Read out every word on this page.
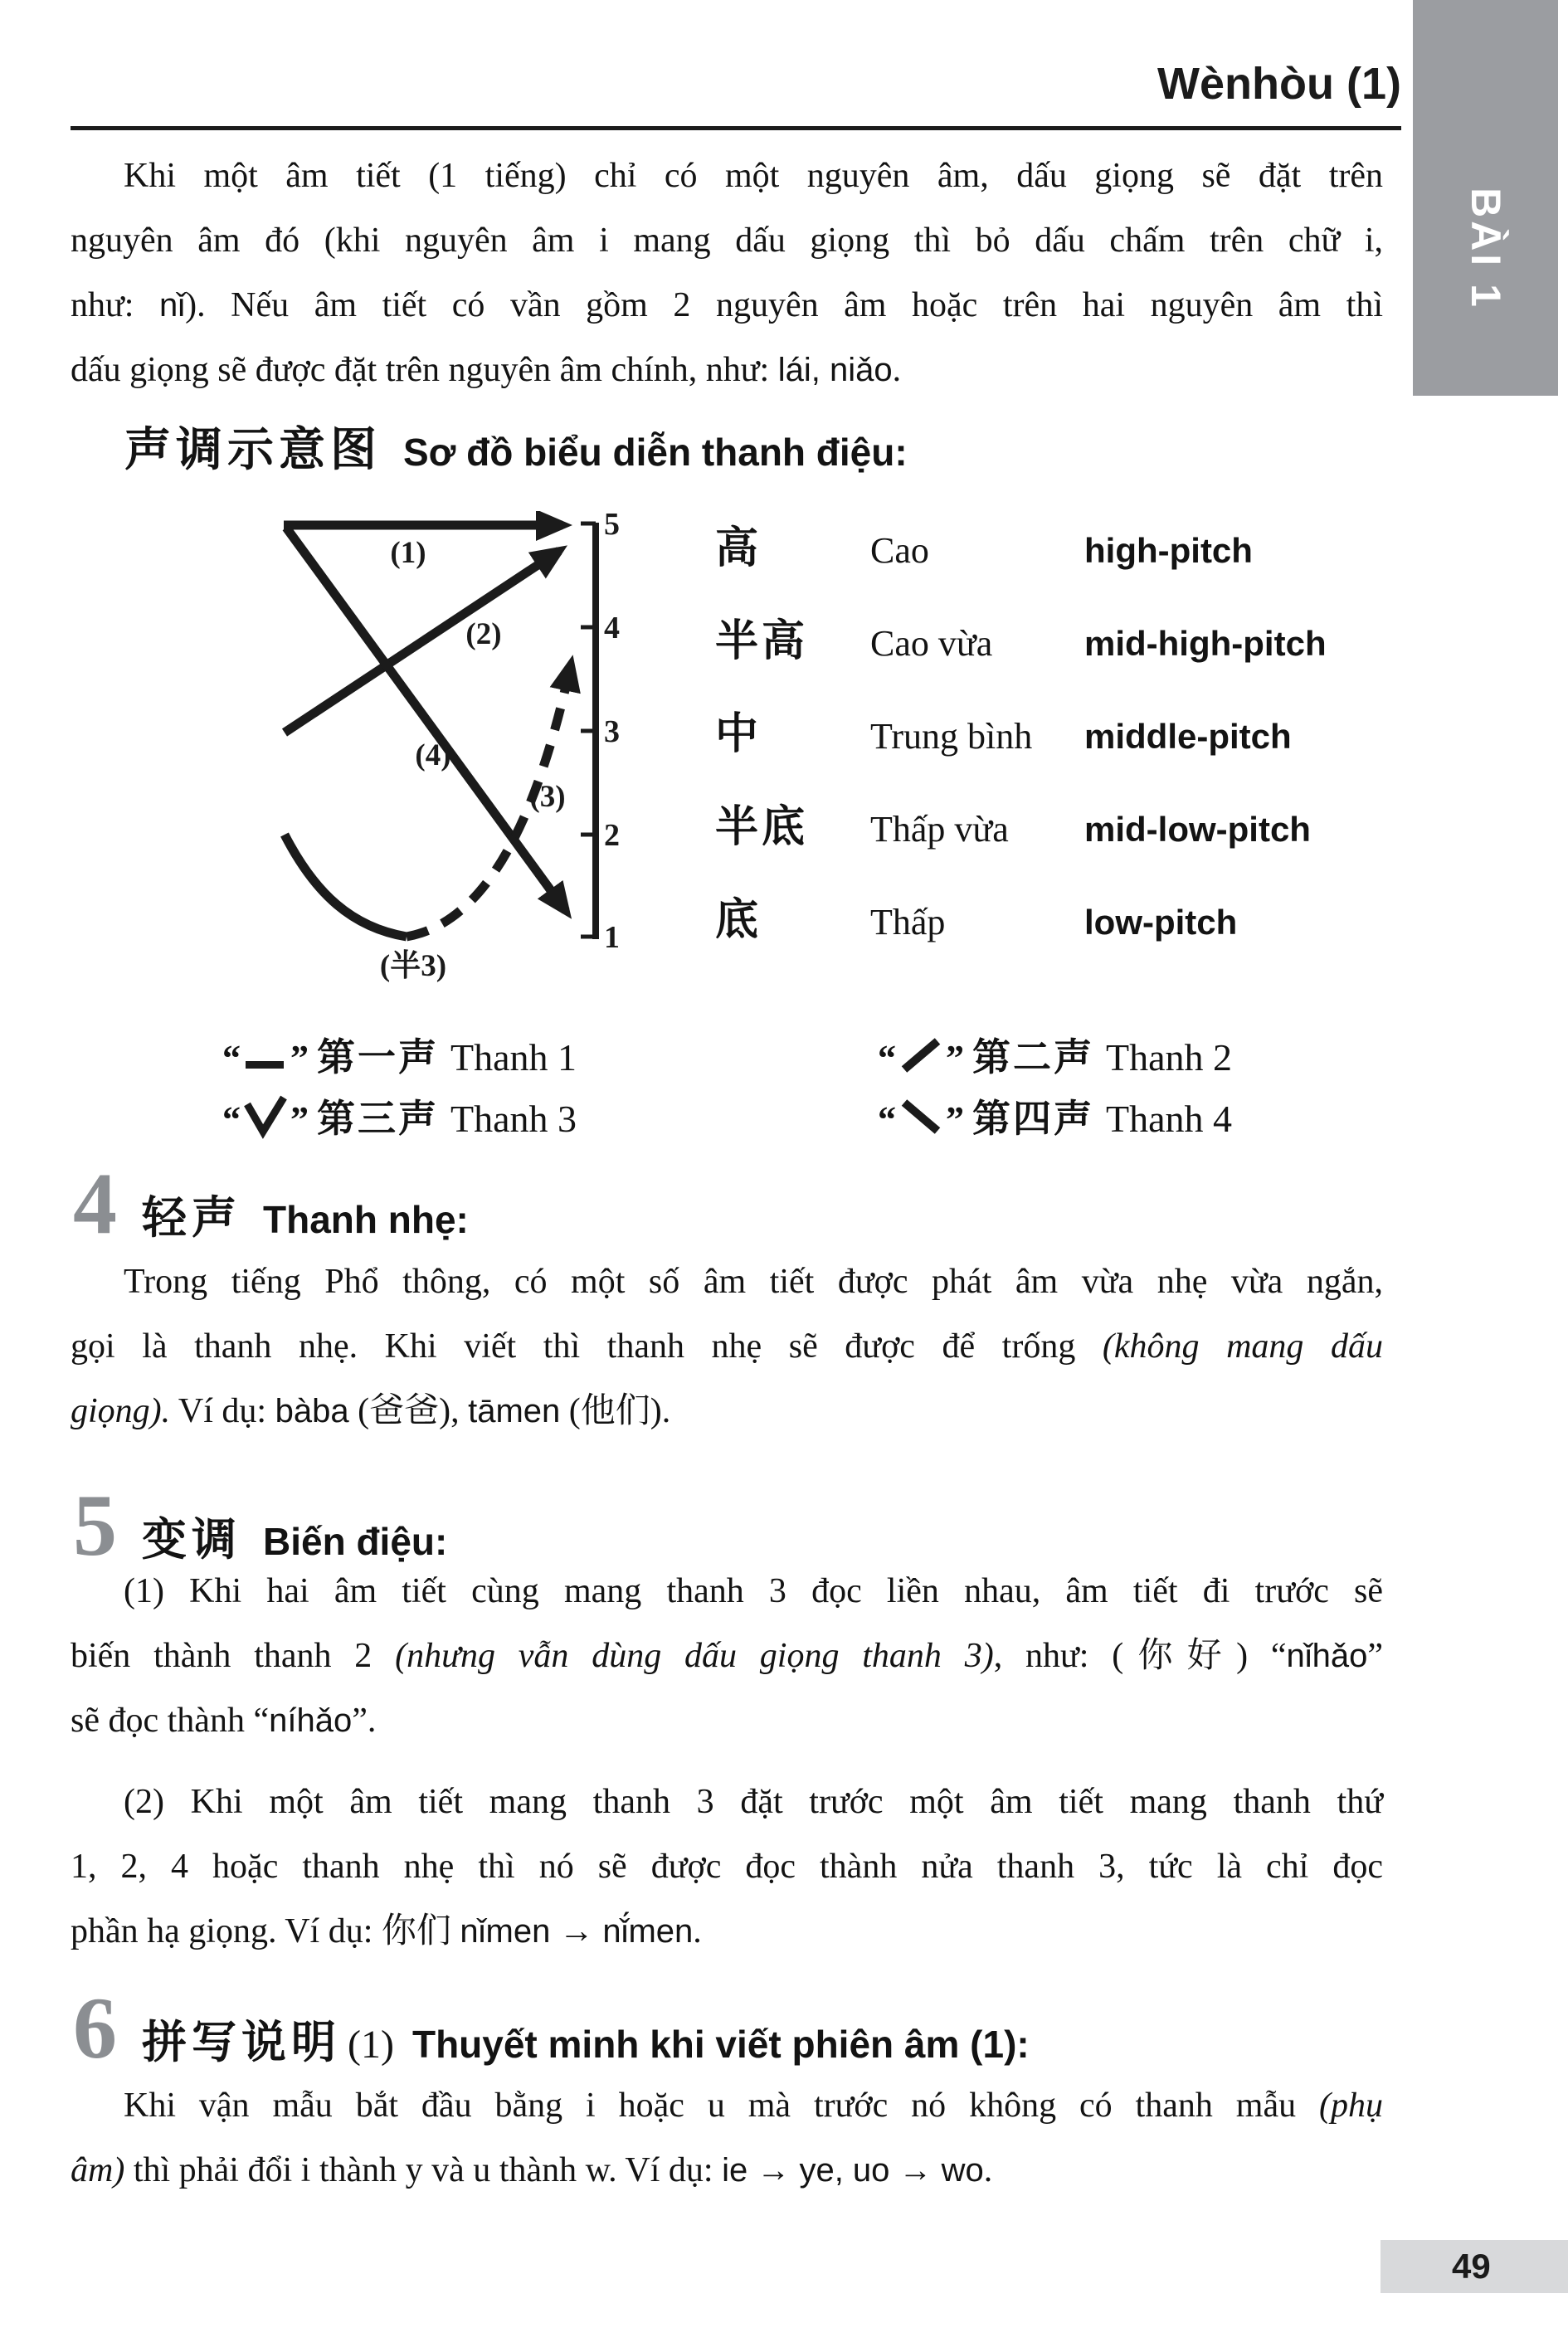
Wènhòu (1)
BÀI 1
Khi một âm tiết (1 tiếng) chỉ có một nguyên âm, dấu giọng sẽ đặt trên
nguyên âm đó (khi nguyên âm i mang dấu giọng thì bỏ dấu chấm trên chữ i,
như: nǐ). Nếu âm tiết có vần gồm 2 nguyên âm hoặc trên hai nguyên âm thì
dấu giọng sẽ được đặt trên nguyên âm chính, như: lái, niǎo.
声调示意图 Sơ đồ biểu diễn thanh điệu:
5
4
3
2
1
(1)
(2)
(4)
(3)
(半3)
高	Cao	high-pitch
半高	Cao vừa	mid-high-pitch
中	Trung bình	middle-pitch
半底	Thấp vừa	mid-low-pitch
底	Thấp	low-pitch
“ ” 第一声 Thanh 1	“ ” 第二声 Thanh 2
“ ” 第三声 Thanh 3	“ ” 第四声 Thanh 4
4 轻声 Thanh nhẹ:
Trong tiếng Phổ thông, có một số âm tiết được phát âm vừa nhẹ vừa ngắn,
gọi là thanh nhẹ. Khi viết thì thanh nhẹ sẽ được để trống (không mang dấu
giọng). Ví dụ: bàba (爸爸), tāmen (他们).
5 变调 Biến điệu:
(1) Khi hai âm tiết cùng mang thanh 3 đọc liền nhau, âm tiết đi trước sẽ
biến thành thanh 2 (nhưng vẫn dùng dấu giọng thanh 3), như: (你好) “nǐhǎo”
sẽ đọc thành “níhǎo”.
(2) Khi một âm tiết mang thanh 3 đặt trước một âm tiết mang thanh thứ
1, 2, 4 hoặc thanh nhẹ thì nó sẽ được đọc thành nửa thanh 3, tức là chỉ đọc
phần hạ giọng. Ví dụ: 你们 nǐmen → nǐ́men.
6 拼写说明 (1) Thuyết minh khi viết phiên âm (1):
Khi vận mẫu bắt đầu bằng i hoặc u mà trước nó không có thanh mẫu (phụ
âm) thì phải đổi i thành y và u thành w. Ví dụ: ie → ye, uo → wo.
49
